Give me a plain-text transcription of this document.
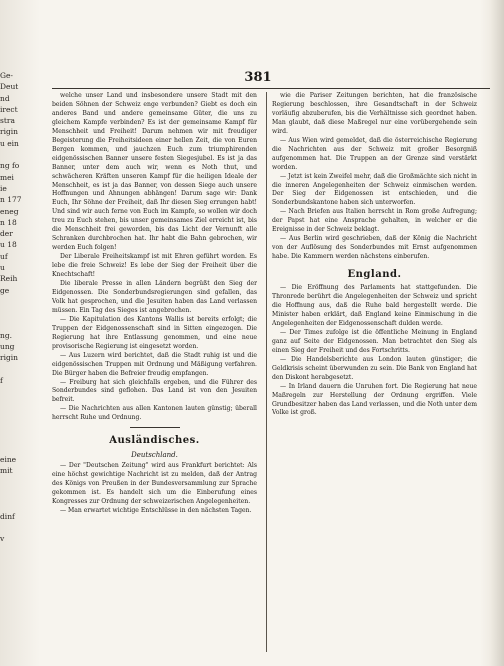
Ge-
Deut
nd
irect
stra
rigin
u ein
ng fo
mei
ie
n 177
eneg
n 18
der
u 18
uf
u
Reih
ge
ng.
ung
rigin
f
eine
mit
dinf
v
381

welche unser Land und insbesondere unsere Stadt mit den beiden Söhnen der Schweiz enge verbunden? Giebt es doch ein anderes Band und andere gemeinsame Güter, die uns zu gleichem Kampfe verbinden? Es ist der gemeinsame Kampf für Menschheit und Freiheit! Darum nehmen wir mit freudiger Begeisterung die Freiheitsideen einer hellen Zeit, die von Euren Bergen kommen, und jauchzen Euch zum triumphirenden eidgenössischen Banner unsere festen Siegesjubel. Es ist ja das Banner, unter dem auch wir, wenn es Noth thut, und schwächeren Kräften unseren Kampf für die heiligen Ideale der Menschheit, es ist ja das Banner, von dessen Siege auch unsere Hoffnungen und Ahnungen abhängen! Darum sage wir: Dank Euch, Ihr Söhne der Freiheit, daß Ihr diesen Sieg errungen habt! Und sind wir auch ferne von Euch im Kampfe, so wollen wir doch treu zu Euch stehen, bis unser gemeinsames Ziel erreicht ist, bis die Menschheit frei geworden, bis das Licht der Vernunft alle Schranken durchbrochen hat. Ihr habt die Bahn gebrochen, wir werden Euch folgen!

Der Liberale Freiheitskampf ist mit Ehren geführt worden. Es lebe die freie Schweiz! Es lebe der Sieg der Freiheit über die Knechtschaft!

Die liberale Presse in allen Ländern begrüßt den Sieg der Eidgenossen. Die Sonderbundsregierungen sind gefallen, das Volk hat gesprochen, und die Jesuiten haben das Land verlassen müssen. Ein Tag des Sieges ist angebrochen.

— Die Kapitulation des Kantons Wallis ist bereits erfolgt; die Truppen der Eidgenossenschaft sind in Sitten eingezogen. Die Regierung hat ihre Entlassung genommen, und eine neue provisorische Regierung ist eingesetzt worden.

— Aus Luzern wird berichtet, daß die Stadt ruhig ist und die eidgenössischen Truppen mit Ordnung und Mäßigung verfahren. Die Bürger haben die Befreier freudig empfangen.

— Freiburg hat sich gleichfalls ergeben, und die Führer des Sonderbundes sind geflohen. Das Land ist von den Jesuiten befreit.

— Die Nachrichten aus allen Kantonen lauten günstig; überall herrscht Ruhe und Ordnung.

Ausländisches.
Deutschland.

— Der "Deutschen Zeitung" wird aus Frankfurt berichtet: Als eine höchst gewichtige Nachricht ist zu melden, daß der Antrag des Königs von Preußen in der Bundesversammlung zur Sprache gekommen ist. Es handelt sich um die Einberufung eines Kongresses zur Ordnung der schweizerischen Angelegenheiten.

— Man erwartet wichtige Entschlüsse in den nächsten Tagen.

wie die Pariser Zeitungen berichten, hat die französische Regierung beschlossen, ihre Gesandtschaft in der Schweiz vorläufig abzuberufen, bis die Verhältnisse sich geordnet haben. Man glaubt, daß diese Maßregel nur eine vorübergehende sein wird.

— Aus Wien wird gemeldet, daß die österreichische Regierung die Nachrichten aus der Schweiz mit großer Besorgniß aufgenommen hat. Die Truppen an der Grenze sind verstärkt worden.

— Jetzt ist kein Zweifel mehr, daß die Großmächte sich nicht in die inneren Angelegenheiten der Schweiz einmischen werden. Der Sieg der Eidgenossen ist entschieden, und die Sonderbundskantone haben sich unterworfen.

— Nach Briefen aus Italien herrscht in Rom große Aufregung; der Papst hat eine Ansprache gehalten, in welcher er die Ereignisse in der Schweiz beklagt.

— Aus Berlin wird geschrieben, daß der König die Nachricht von der Auflösung des Sonderbundes mit Ernst aufgenommen habe. Die Kammern werden nächstens einberufen.

England.

— Die Eröffnung des Parlaments hat stattgefunden. Die Thronrede berührt die Angelegenheiten der Schweiz und spricht die Hoffnung aus, daß die Ruhe bald hergestellt werde. Die Minister haben erklärt, daß England keine Einmischung in die Angelegenheiten der Eidgenossenschaft dulden werde.

— Der Times zufolge ist die öffentliche Meinung in England ganz auf Seite der Eidgenossen. Man betrachtet den Sieg als einen Sieg der Freiheit und des Fortschritts.

— Die Handelsberichte aus London lauten günstiger; die Geldkrisis scheint überwunden zu sein. Die Bank von England hat den Diskont herabgesetzt.

— In Irland dauern die Unruhen fort. Die Regierung hat neue Maßregeln zur Herstellung der Ordnung ergriffen. Viele Grundbesitzer haben das Land verlassen, und die Noth unter dem Volke ist groß.
